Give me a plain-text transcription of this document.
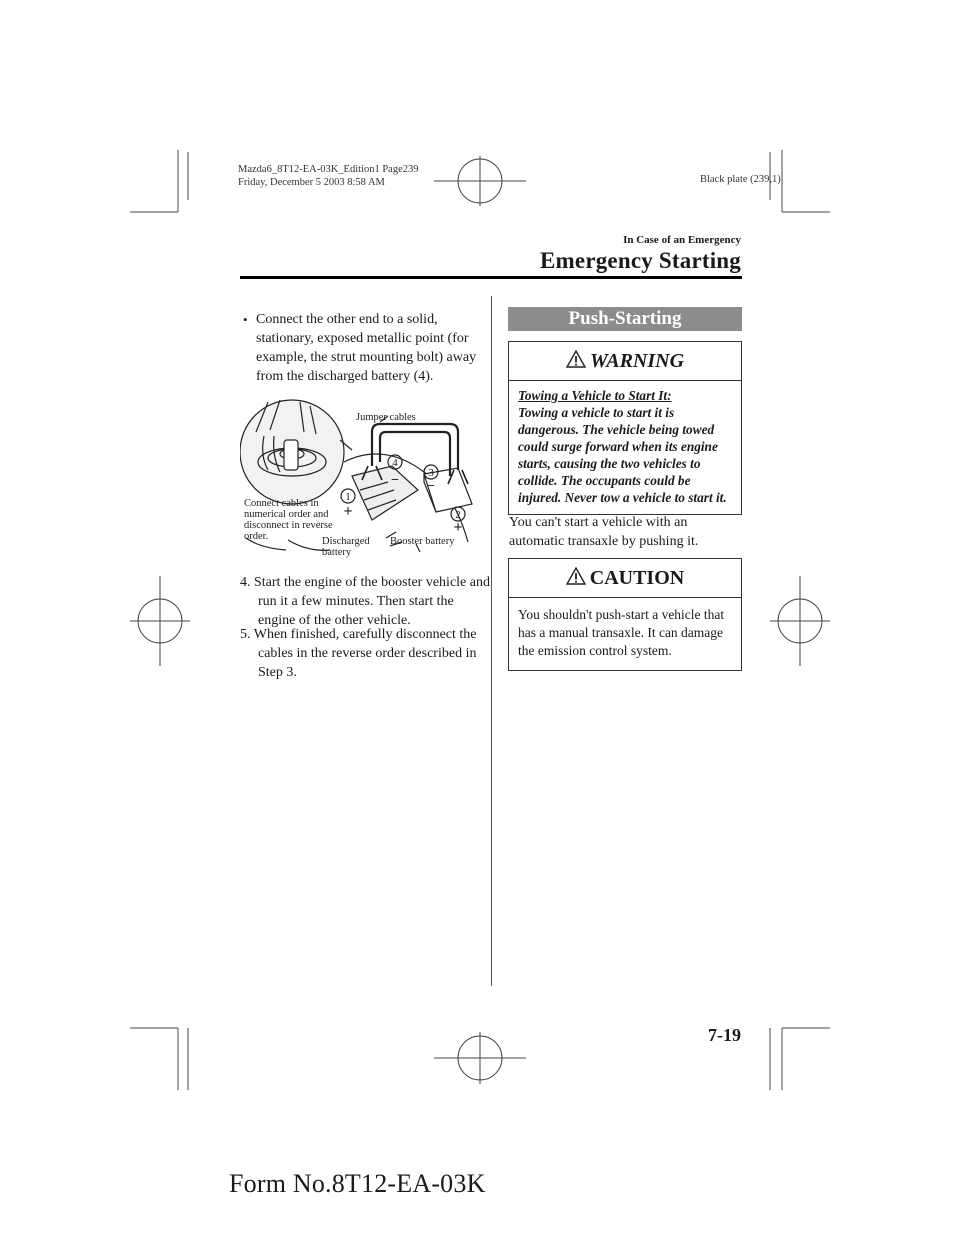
Mazda6_8T12-EA-03K_Edition1 Page239
Friday, December 5 2003 8:58 AM	Black plate (239,1)
In Case of an Emergency
Emergency Starting
• Connect the other end to a solid, stationary, exposed metallic point (for example, the strut mounting bolt) away from the discharged battery (4).
4
3
1
2
+
+
− −
Jumper cables
Connect cables in numerical order and disconnect in reverse order.	Discharged battery
Booster battery
4. Start the engine of the booster vehicle and run it a few minutes. Then start the engine of the other vehicle.
5. When finished, carefully disconnect the cables in the reverse order described in Step 3.
Push-Starting
WARNING
Towing a Vehicle to Start It:
Towing a vehicle to start it is dangerous. The vehicle being towed could surge forward when its engine starts, causing the two vehicles to collide. The occupants could be injured. Never tow a vehicle to start it.
You can't start a vehicle with an automatic transaxle by pushing it.
CAUTION
You shouldn't push-start a vehicle that has a manual transaxle. It can damage the emission control system.
7-19
Form No.8T12-EA-03K
